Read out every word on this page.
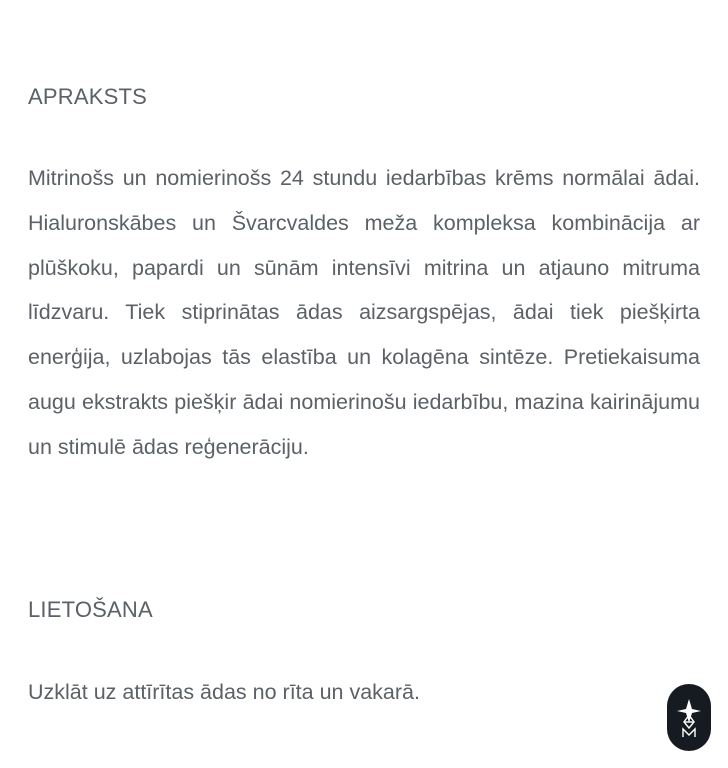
APRAKSTS

Mitrinošs un nomierinošs 24 stundu iedarbības krēms normālai ādai. Hialuronskābes un Švarcvaldes meža kompleksa kombinācija ar plūškoku, papardi un sūnām intensīvi mitrina un atjauno mitruma līdzvaru. Tiek stiprinātas ādas aizsargspējas, ādai tiek piešķirta enerģija, uzlabojas tās elastība un kolagēna sintēze. Pretiekaisuma augu ekstrakts piešķir ādai nomierinošu iedarbību, mazina kairinājumu un stimulē ādas reģenerāciju.

LIETOŠANA

Uzklāt uz attīrītas ādas no rīta un vakarā.
